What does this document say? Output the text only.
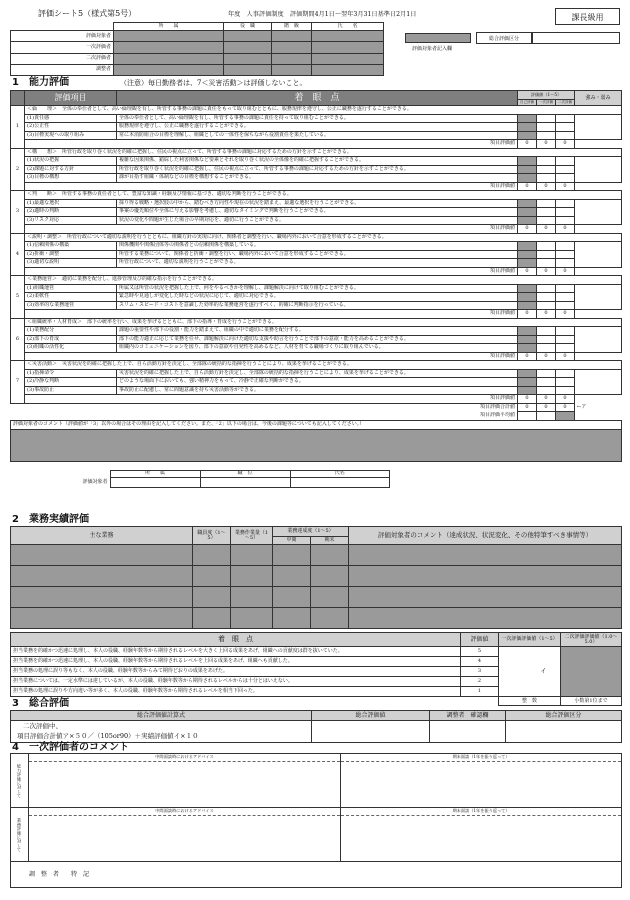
評価シート5（様式第5号）	年度　人事評価制度　評価期間4月1日～翌年3月31日基準日2月1日	課長級用
	所　　属	役　職	階　級	氏　　名
評価対象者				
一次評価者				
二次評価者				
調整者				
評価対象者記入欄
総合評価区分
1　能力評価	（注意）毎日勤務者は、7＜災害活動＞は評価しないこと。
	評価項目	着　眼　点	評価値（1～5）			強み・弱み
			自己評価	一次評価	二次評価	
1	＜倫　　理＞　全体の奉仕者として、高い倫理観を有し、所管する事務の課題に責任をもって取り組むとともに、服務規律を遵守し、公正に職務を遂行することができる。					
	(1)責任感	全体の奉仕者として、高い倫理観を有し、所管する事務の課題に責任を持って取り組むことができる。				
	(2)公正性	服務規律を遵守し、公正に職務を遂行することができる。				
	(3)目標実現への取り組み	常に本消防組合の目標を理解し、組織としての一体性を保ちながら役割責任を果たしている。				
	項目評価値		0	0	0	
2	＜構　　想＞　所管行政を取り巻く状況を的確に把握し、住民の視点に立って、所管する事務の課題に対応するための方針を示すことができる。					
	(1)状況の把握	複雑な因果関係、錯綜した利害関係など要素とそれを取り巻く状況の全体像を的確に把握することができる。				
	(2)課題に対する方針	所管行政を取り巻く状況を的確に把握し、住民の視点に立って、所管する事務の課題に対応するための方針を示すことができる。				
	(3)目標の構想	課が目指す組織・体制などの目標を構想することができる。				
	項目評価値		0	0	0	
3	＜判　　断＞　所管する事務の責任者として、豊富な知識・経験及び情報に基づき、適切な判断を行うことができる。					
	(1)最適な選択	採り得る戦略・選択肢の中から、踏むべき方向性や現在の状況を踏まえ、最適な選択を行うことができる。				
	(2)適時の判断	事案の優先順位や全体に与える影響を考慮し、適切なタイミングで判断を行うことができる。				
	(3)リスク対応	状況の変化や問題が生じた場合の早期対応を、適切に行うことができる。				
	項目評価値		0	0	0	
4	＜説明・調整＞　所管行政について適切な説明を行うとともに、組織方針の実現に向け、関係者と調整を行い、職場内外において合意を形成することができる。					
	(1)信頼関係の構築	関係機関や関係団体等の関係者との信頼関係を構築している。				
	(2)折衝・調整	所管する業務について、関係者と折衝・調整を行い、職場内外において合意を形成することができる。				
	(3)適切な説明	所管行政について、適切な説明を行うことができる。				
	項目評価値		0	0	0	
5	＜業務運営＞　適切に業務を配分し、進捗管理及び的確な指示を行うことができる。					
	(1)組織運営	所属又は所管の状況を把握した上で、何をやるべきかを理解し、課題解決に向けて取り組むことができる。				
	(2)柔軟性	緊急時や見通しが変化した時などの状況に応じて、適切に対応できる。				
	(3)効率的な業務運営	スリム・スピード・コストを意識した効率的な業務運営を遂行すべく、的確に判断指示を行っている。				
	項目評価値		0	0	0	
6	＜組織統率・人材育成＞　部下の統率を行い、成果を挙げるとともに、部下の指導・育成を行うことができる。					
	(1)業務配分	課題の重要性や部下の役割・能力を踏まえて、組織の中で適切に業務を配分する。				
	(2)部下の育成	部下の能力適正に応じて業務を任せ、課題解決に向けた適切な支援や助言を行うことで部下の意欲・能力を高めることができる。				
	(3)組織の活性化	組織内のコミュニケーションを図り、部下の意欲や自発性を高めるなど、人材を育てる職場づくりに取り組んでいる。				
	項目評価値		0	0	0	
7	＜災害活動＞　災害状況を的確に把握した上で、自ら活動方針を決定し、全部隊の統括的な指揮を行うことにより、成果を挙げることができる。					
	(1)指揮命令	災害状況を的確に把握した上で、自ら活動方針を決定し、全部隊の統括的な指揮を行うことにより、成果を挙げることができる。				
	(2)冷静な判断	どのような場面下においても、強い精神力をもって、冷静で正確な判断ができる。				
	(3)事故防止	事故防止に配慮し、常に問題意識を持ち災害活動等ができる。				
	項目評価値		0	0	0	
項目評価合計値			0	0	0	←ア
項目評価平均値						
評価対象者のコメント（評価値が「3」以外の場合はその理由を記入してください。また、「2」以下の場合は、今後の課題等についても記入してください。）						

	所　　属	職　位	氏名
評価対象者			
2　業務実績評価
主な業務	職員度（1～5）	業務作業量（1～5）	業務達成度（1～5）		評価対象者のコメント（達成状況、状況変化、その他特筆すべき事情等）
			中間	期末	

着　眼　点	評価値	一次評価評価値（1～5）	二次評価評価値（1.0～5.0）
担当業務を的確かつ迅速に処理し、本人の役職、経験年数等から期待されるレベルを大きく上回る成果をあげ、組織への貢献度は群を抜いていた。	5	イ	
担当業務を的確かつ迅速に処理し、本人の役職、経験年数等から期待されるレベルを上回る成果をあげ、組織へも貢献した。	4		
担当業務の処理に誤り等もなく、本人の役職、経験年数等からみて期待どおりの成果をあげた。	3		
担当業務については、一定水準には達しているが、本人の役職、経験年数等から期待されるレベルからは十分とはいえない。	2		
担当業務の処理に誤りや方向違い等が多く、本人の役職、経験年数等から期待されるレベルを相当下回った。	1		
		整　数	小数第1位まで
3　総合評価
総合評価値計算式	総合評価値	調整者　確認欄	総合評価区分

二次評価中、
項目評価合計値ア×５０／（105or90）＋実績評価値イ×１０			

4　一次評価者のコメント
能力評価に対して	中間面談時におけるアドバイス	期末面談（1年を振り返って）

業務評価に対して	中間面談時におけるアドバイス	期末面談（1年を振り返って）

調　整　者　　特　記		
